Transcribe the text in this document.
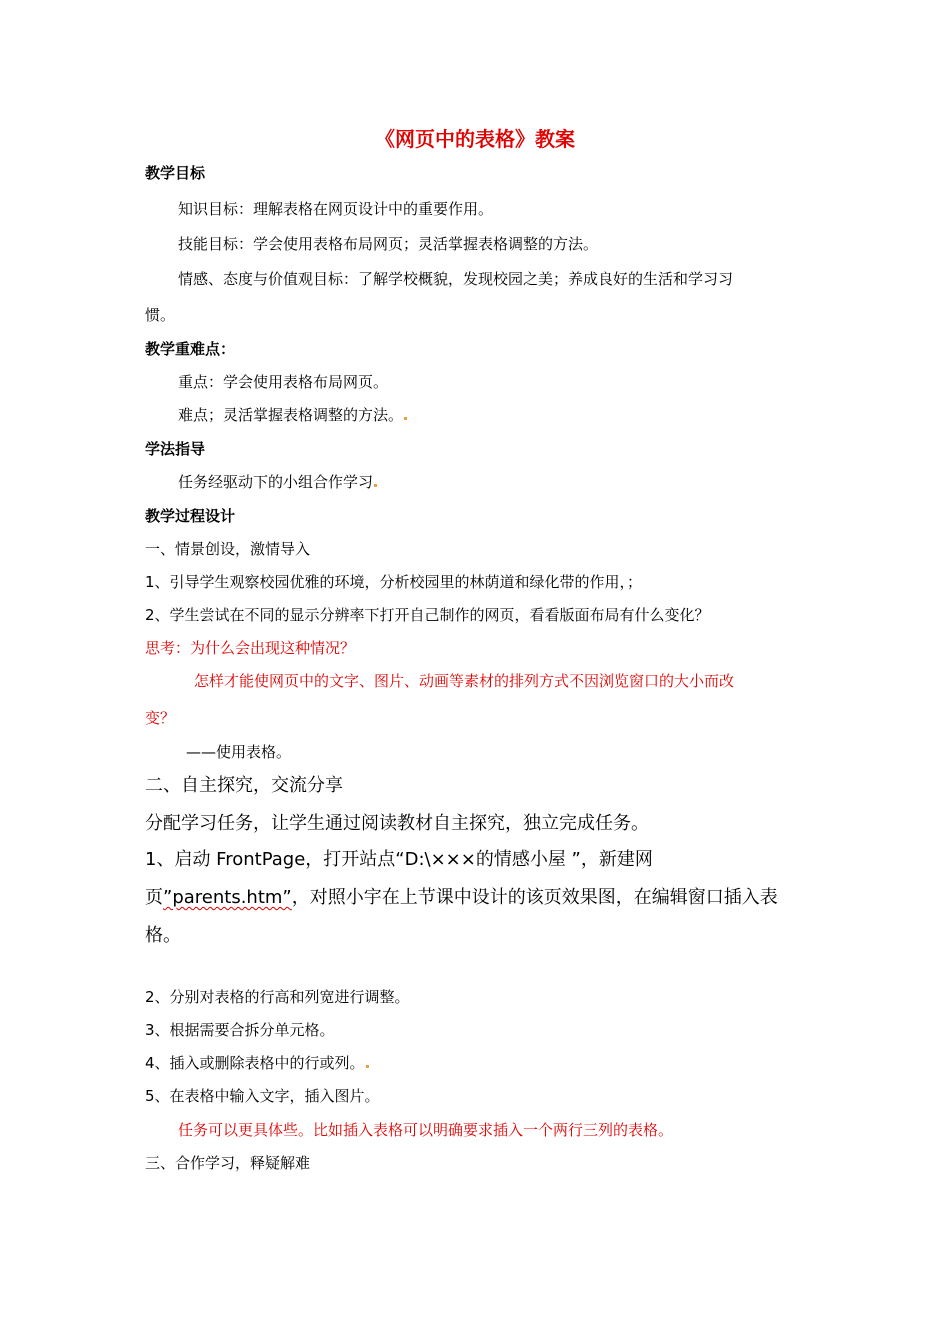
《网页中的表格》教案
教学目标
知识目标：理解表格在网页设计中的重要作用。
技能目标：学会使用表格布局网页；灵活掌握表格调整的方法。
情感、态度与价值观目标：了解学校概貌，发现校园之美；养成良好的生活和学习习
惯。
教学重难点：
重点：学会使用表格布局网页。
难点；灵活掌握表格调整的方法。
学法指导
任务经驱动下的小组合作学习
教学过程设计
一、情景创设，激情导入
1、引导学生观察校园优雅的环境，分析校园里的林荫道和绿化带的作用，；
2、学生尝试在不同的显示分辨率下打开自己制作的网页，看看版面布局有什么变化？
思考：为什么会出现这种情况？
怎样才能使网页中的文字、图片、动画等素材的排列方式不因浏览窗口的大小而改
变？
——使用表格。
二、自主探究，交流分享
分配学习任务，让学生通过阅读教材自主探究，独立完成任务。
1、启动 FrontPage，打开站点“D:\×××的情感小屋 ”，新建网
页”parents.htm”，对照小宇在上节课中设计的该页效果图，在编辑窗口插入表
格。
2、分别对表格的行高和列宽进行调整。
3、根据需要合拆分单元格。
4、插入或删除表格中的行或列。
5、在表格中输入文字，插入图片。
任务可以更具体些。比如插入表格可以明确要求插入一个两行三列的表格。
三、合作学习，释疑解难
